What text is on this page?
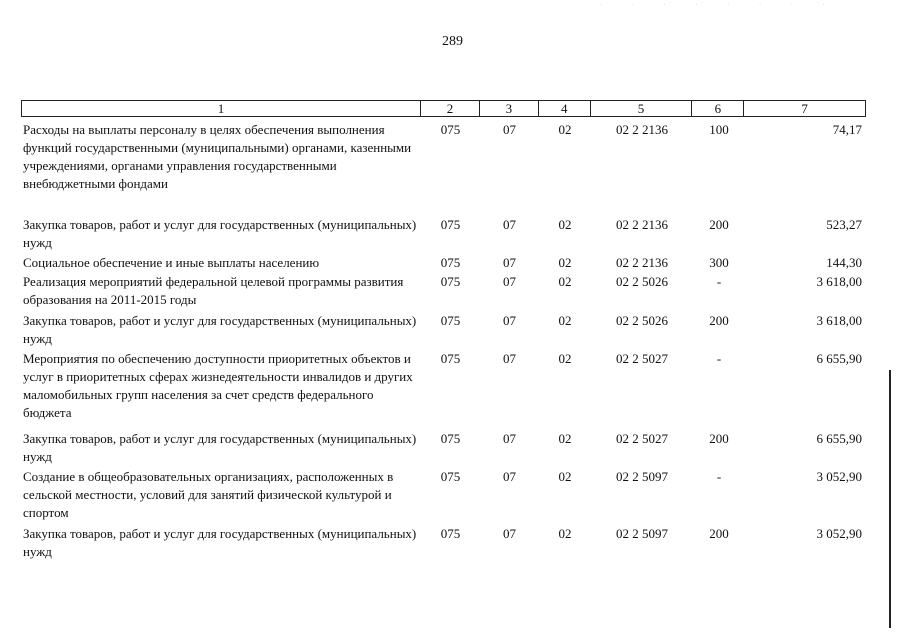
· · · · · · · ·
289
1	2	3	4	5	6	7
Расходы на выплаты персоналу в целях обеспечения выполнения функций государственными (муниципальными) органами, казенными учреждениями, органами управления государственными внебюджетными фондами
075	07	02	02 2 2136	100	74,17
Закупка товаров, работ и услуг для государственных (муниципальных) нужд
075	07	02	02 2 2136	200	523,27
Социальное обеспечение и иные выплаты населению	075	07	02	02 2 2136	300	144,30
Реализация мероприятий федеральной целевой программы развития образования на 2011-2015 годы
075	07	02	02 2 5026	-	3 618,00
Закупка товаров, работ и услуг для государственных (муниципальных) нужд
075	07	02	02 2 5026	200	3 618,00
Мероприятия по обеспечению доступности приоритетных объектов и услуг в приоритетных сферах жизнедеятельности инвалидов и других маломобильных групп населения за счет средств федерального бюджета
075	07	02	02 2 5027	-	6 655,90
Закупка товаров, работ и услуг для государственных (муниципальных) нужд
075	07	02	02 2 5027	200	6 655,90
Создание в общеобразовательных организациях, расположенных в сельской местности, условий для занятий физической культурой и спортом
075	07	02	02 2 5097	-	3 052,90
Закупка товаров, работ и услуг для государственных (муниципальных) нужд
075	07	02	02 2 5097	200	3 052,90
